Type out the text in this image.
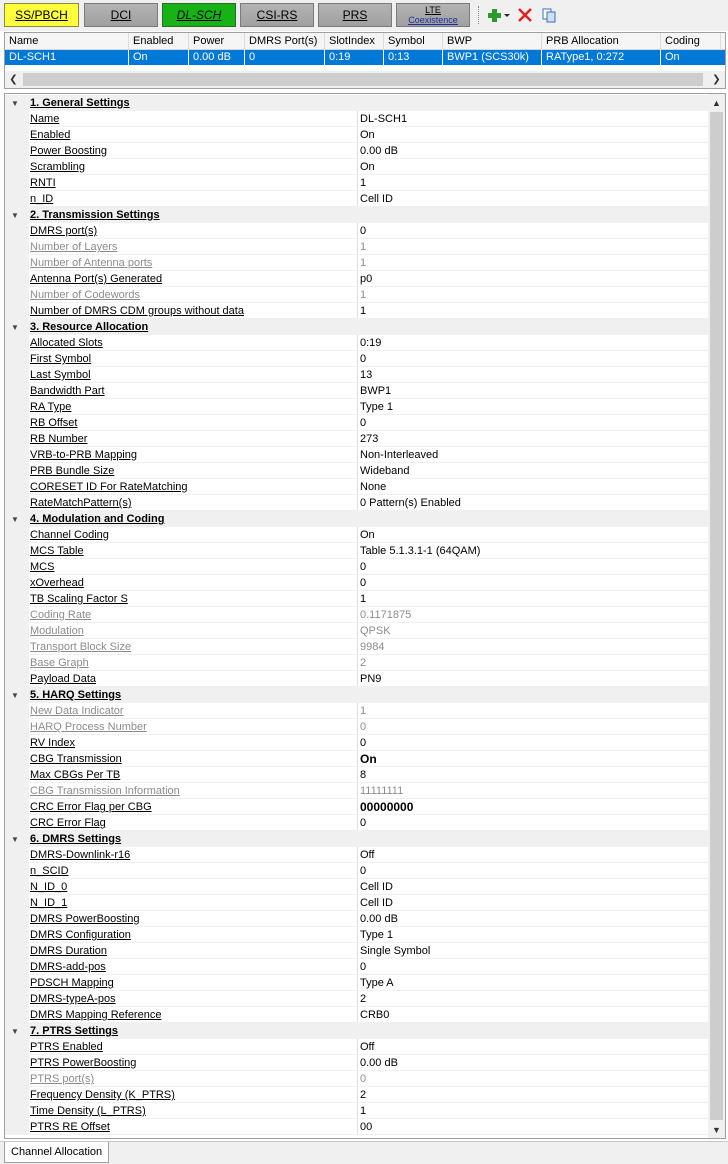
SS/PBCH	DCI	DL-SCH	CSI-RS	PRS	LTE
Coexistence
Name	Enabled	Power	DMRS Port(s)	SlotIndex	Symbol	BWP	PRB Allocation	Coding
DL-SCH1	On	0.00 dB	0	0:19	0:13	BWP1 (SCS30k)	RAType1, 0:272	On
❮	❯
▼ 1. General Settings
Name	DL-SCH1
Enabled	On
Power Boosting	0.00 dB
Scrambling	On
RNTI	1
n_ID	Cell ID
▼ 2. Transmission Settings
DMRS port(s)	0
Number of Layers	1
Number of Antenna ports	1
Antenna Port(s) Generated	p0
Number of Codewords	1
Number of DMRS CDM groups without data	1
▼ 3. Resource Allocation
Allocated Slots	0:19
First Symbol	0
Last Symbol	13
Bandwidth Part	BWP1
RA Type	Type 1
RB Offset	0
RB Number	273
VRB-to-PRB Mapping	Non-Interleaved
PRB Bundle Size	Wideband
CORESET ID For RateMatching	None
RateMatchPattern(s)	0 Pattern(s) Enabled
▼ 4. Modulation and Coding
Channel Coding	On
MCS Table	Table 5.1.3.1-1 (64QAM)
MCS	0
xOverhead	0
TB Scaling Factor S	1
Coding Rate	0.1171875
Modulation	QPSK
Transport Block Size	9984
Base Graph	2
Payload Data	PN9
▼ 5. HARQ Settings
New Data Indicator	1
HARQ Process Number	0
RV Index	0
CBG Transmission	On
Max CBGs Per TB	8
CBG Transmission Information	11111111
CRC Error Flag per CBG	00000000
CRC Error Flag	0
▼ 6. DMRS Settings
DMRS-Downlink-r16	Off
n_SCID	0
N_ID_0	Cell ID
N_ID_1	Cell ID
DMRS PowerBoosting	0.00 dB
DMRS Configuration	Type 1
DMRS Duration	Single Symbol
DMRS-add-pos	0
PDSCH Mapping	Type A
DMRS-typeA-pos	2
DMRS Mapping Reference	CRB0
▼ 7. PTRS Settings
PTRS Enabled	Off
PTRS PowerBoosting	0.00 dB
PTRS port(s)	0
Frequency Density (K_PTRS)	2
Time Density (L_PTRS)	1
PTRS RE Offset	00
▲
▼
Channel Allocation
